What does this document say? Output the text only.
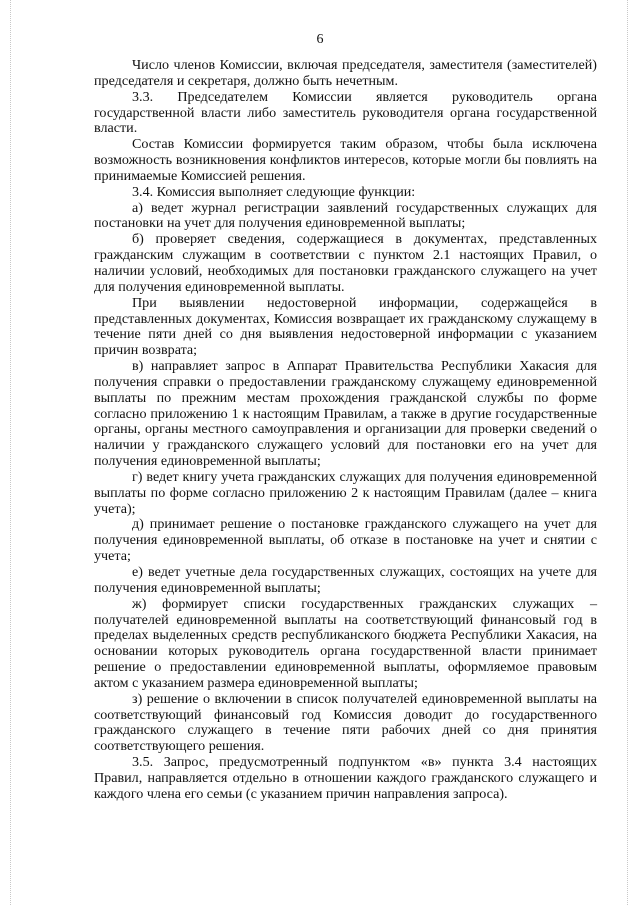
6

Число членов Комиссии, включая председателя, заместителя (заместителей) председателя и секретаря, должно быть нечетным.

3.3. Председателем Комиссии является руководитель органа государственной власти либо заместитель руководителя органа государственной власти.

Состав Комиссии формируется таким образом, чтобы была исключена возможность возникновения конфликтов интересов, которые могли бы повлиять на принимаемые Комиссией решения.

3.4. Комиссия выполняет следующие функции:

а) ведет журнал регистрации заявлений государственных служащих для постановки на учет для получения единовременной выплаты;

б) проверяет сведения, содержащиеся в документах, представленных гражданским служащим в соответствии с пунктом 2.1 настоящих Правил, о наличии условий, необходимых для постановки гражданского служащего на учет для получения единовременной выплаты.

При выявлении недостоверной информации, содержащейся в представленных документах, Комиссия возвращает их гражданскому служащему в течение пяти дней со дня выявления недостоверной информации с указанием причин возврата;

в) направляет запрос в Аппарат Правительства Республики Хакасия для получения справки о предоставлении гражданскому служащему единовременной выплаты по прежним местам прохождения гражданской службы по форме согласно приложению 1 к настоящим Правилам, а также в другие государственные органы, органы местного самоуправления и организации для проверки сведений о наличии у гражданского служащего условий для постановки его на учет для получения единовременной выплаты;

г) ведет книгу учета гражданских служащих для получения единовременной выплаты по форме согласно приложению 2 к настоящим Правилам (далее – книга учета);

д) принимает решение о постановке гражданского служащего на учет для получения единовременной выплаты, об отказе в постановке на учет и снятии с учета;

е) ведет учетные дела государственных служащих, состоящих на учете для получения единовременной выплаты;

ж) формирует списки государственных гражданских служащих – получателей единовременной выплаты на соответствующий финансовый год в пределах выделенных средств республиканского бюджета Республики Хакасия, на основании которых руководитель органа государственной власти принимает решение о предоставлении единовременной выплаты, оформляемое правовым актом с указанием размера единовременной выплаты;

з) решение о включении в список получателей единовременной выплаты на соответствующий финансовый год Комиссия доводит до государственного гражданского служащего в течение пяти рабочих дней со дня принятия соответствующего решения.

3.5. Запрос, предусмотренный подпунктом «в» пункта 3.4 настоящих Правил, направляется отдельно в отношении каждого гражданского служащего и каждого члена его семьи (с указанием причин направления запроса).
